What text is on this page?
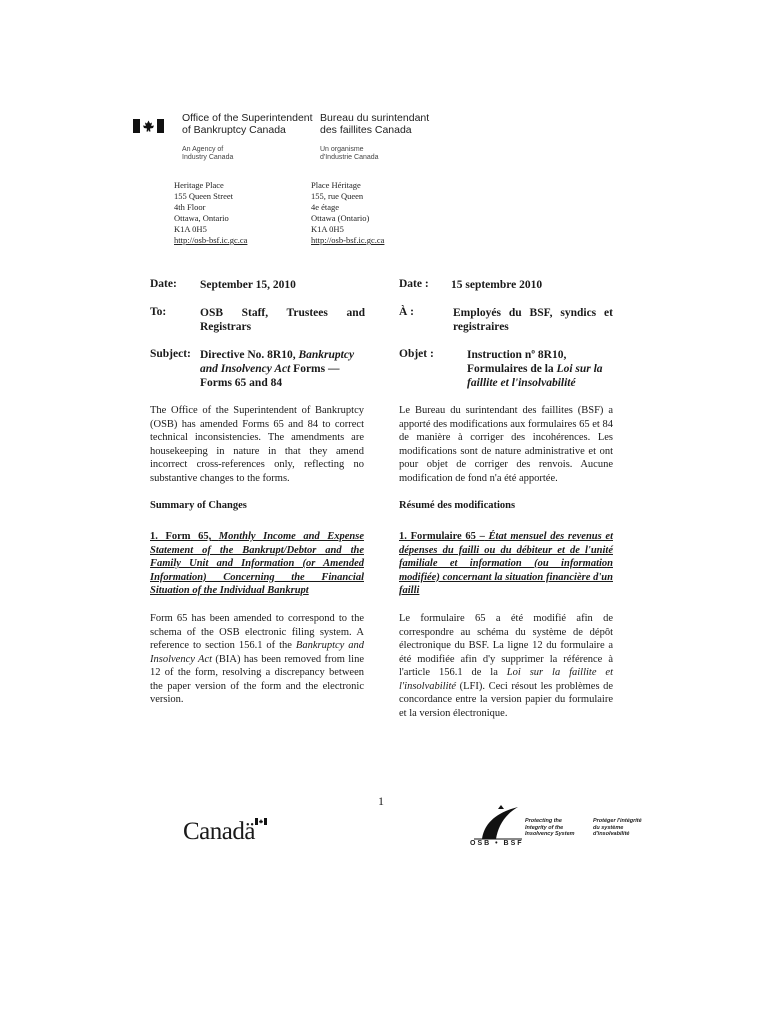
Office of the Superintendent
of Bankruptcy Canada
Bureau du surintendant
des faillites Canada
An Agency of
Industry Canada
Un organisme
d'Industrie Canada
Heritage Place
155 Queen Street
4th Floor
Ottawa, Ontario
K1A 0H5
http://osb-bsf.ic.gc.ca
Place Héritage
155, rue Queen
4e étage
Ottawa (Ontario)
K1A 0H5
http://osb-bsf.ic.gc.ca
Date: September 15, 2010
To:	OSB Staff, Trustees and Registrars
Subject: Directive No. 8R10, Bankruptcy and Insolvency Act Forms — Forms 65 and 84
The Office of the Superintendent of Bankruptcy (OSB) has amended Forms 65 and 84 to correct technical inconsistencies. The amendments are housekeeping in nature in that they amend incorrect cross-references only, reflecting no substantive changes to the forms.
Summary of Changes
1. Form 65, Monthly Income and Expense Statement of the Bankrupt/Debtor and the Family Unit and Information (or Amended Information) Concerning the Financial Situation of the Individual Bankrupt
Form 65 has been amended to correspond to the schema of the OSB electronic filing system. A reference to section 156.1 of the Bankruptcy and Insolvency Act (BIA) has been removed from line 12 of the form, resolving a discrepancy between the paper version of the form and the electronic version.
Date : 15 septembre 2010
À :	Employés du BSF, syndics et registraires
Objet :	Instruction nº 8R10, Formulaires de la Loi sur la faillite et l'insolvabilité
Le Bureau du surintendant des faillites (BSF) a apporté des modifications aux formulaires 65 et 84 de manière à corriger des incohérences. Les modifications sont de nature administrative et ont pour objet de corriger des renvois. Aucune modification de fond n'a été apportée.
Résumé des modifications
1. Formulaire 65 – État mensuel des revenus et dépenses du failli ou du débiteur et de l'unité familiale et information (ou information modifiée) concernant la situation financière d'un failli
Le formulaire 65 a été modifié afin de correspondre au schéma du système de dépôt électronique du BSF. La ligne 12 du formulaire a été modifiée afin d'y supprimer la référence à l'article 156.1 de la Loi sur la faillite et l'insolvabilité (LFI). Ceci résout les problèmes de concordance entre la version papier du formulaire et la version électronique.
1
Canadä	OSB • BSF
Protecting the
Integrity of the
Insolvency System
Protéger l'intégrité
du système
d'insolvabilité
